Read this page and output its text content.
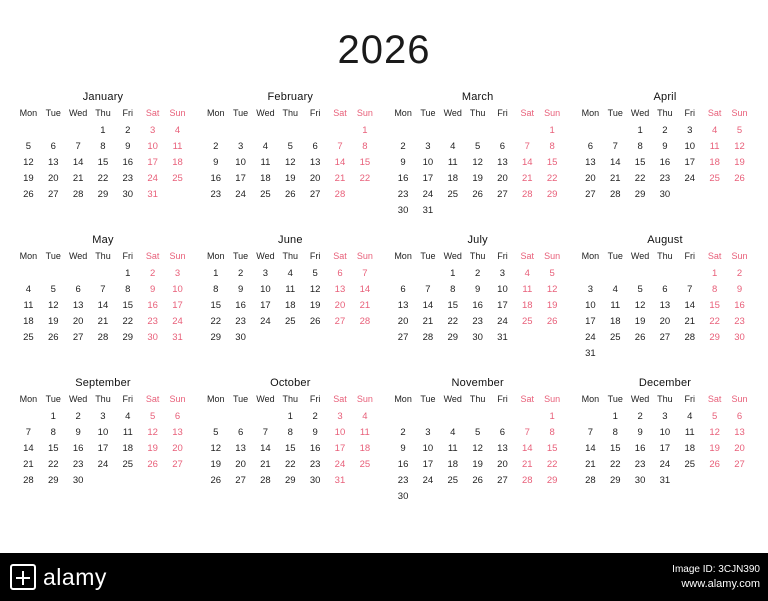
2026
January
Mon	Tue	Wed	Thu	Fri	Sat	Sun
			1	2	3	4
5	6	7	8	9	10	11
12	13	14	15	16	17	18
19	20	21	22	23	24	25
26	27	28	29	30	31	
February
Mon	Tue	Wed	Thu	Fri	Sat	Sun
						1
2	3	4	5	6	7	8
9	10	11	12	13	14	15
16	17	18	19	20	21	22
23	24	25	26	27	28	
March
Mon	Tue	Wed	Thu	Fri	Sat	Sun
						1
2	3	4	5	6	7	8
9	10	11	12	13	14	15
16	17	18	19	20	21	22
23	24	25	26	27	28	29
30	31					
April
Mon	Tue	Wed	Thu	Fri	Sat	Sun
		1	2	3	4	5
6	7	8	9	10	11	12
13	14	15	16	17	18	19
20	21	22	23	24	25	26
27	28	29	30			
May
Mon	Tue	Wed	Thu	Fri	Sat	Sun
				1	2	3
4	5	6	7	8	9	10
11	12	13	14	15	16	17
18	19	20	21	22	23	24
25	26	27	28	29	30	31
June
Mon	Tue	Wed	Thu	Fri	Sat	Sun
1	2	3	4	5	6	7
8	9	10	11	12	13	14
15	16	17	18	19	20	21
22	23	24	25	26	27	28
29	30					
July
Mon	Tue	Wed	Thu	Fri	Sat	Sun
		1	2	3	4	5
6	7	8	9	10	11	12
13	14	15	16	17	18	19
20	21	22	23	24	25	26
27	28	29	30	31		
August
Mon	Tue	Wed	Thu	Fri	Sat	Sun
					1	2
3	4	5	6	7	8	9
10	11	12	13	14	15	16
17	18	19	20	21	22	23
24	25	26	27	28	29	30
31						
September
Mon	Tue	Wed	Thu	Fri	Sat	Sun
	1	2	3	4	5	6
7	8	9	10	11	12	13
14	15	16	17	18	19	20
21	22	23	24	25	26	27
28	29	30				
October
Mon	Tue	Wed	Thu	Fri	Sat	Sun
			1	2	3	4
5	6	7	8	9	10	11
12	13	14	15	16	17	18
19	20	21	22	23	24	25
26	27	28	29	30	31	
November
Mon	Tue	Wed	Thu	Fri	Sat	Sun
						1
2	3	4	5	6	7	8
9	10	11	12	13	14	15
16	17	18	19	20	21	22
23	24	25	26	27	28	29
30						
December
Mon	Tue	Wed	Thu	Fri	Sat	Sun
	1	2	3	4	5	6
7	8	9	10	11	12	13
14	15	16	17	18	19	20
21	22	23	24	25	26	27
28	29	30	31			
alamy	Image ID: 3CJN390
www.alamy.com
